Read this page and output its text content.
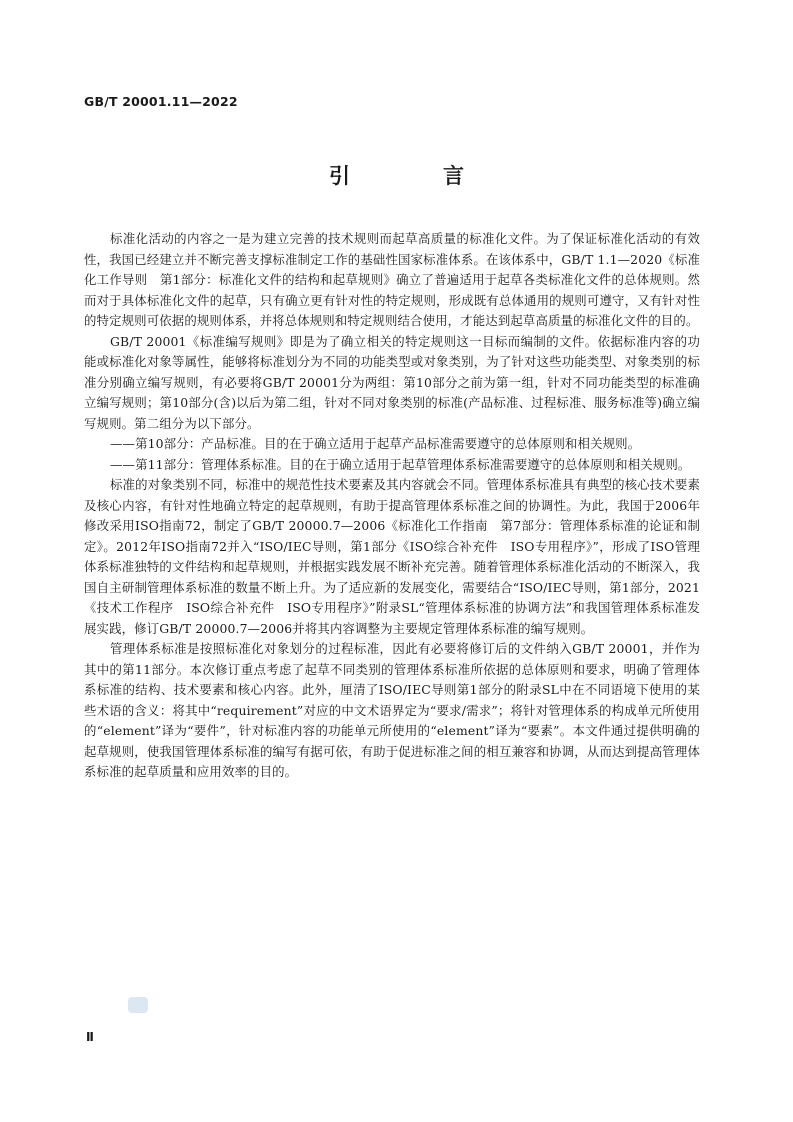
GB/T 20001.11—2022
引　言

标准化活动的内容之一是为建立完善的技术规则而起草高质量的标准化文件。为了保证标准化活动的有效性，我国已经建立并不断完善支撑标准制定工作的基础性国家标准体系。在该体系中，GB/T 1.1—2020《标准化工作导则　第1部分：标准化文件的结构和起草规则》确立了普遍适用于起草各类标准化文件的总体规则。然而对于具体标准化文件的起草，只有确立更有针对性的特定规则，形成既有总体通用的规则可遵守，又有针对性的特定规则可依据的规则体系，并将总体规则和特定规则结合使用，才能达到起草高质量的标准化文件的目的。

GB/T 20001《标准编写规则》即是为了确立相关的特定规则这一目标而编制的文件。依据标准内容的功能或标准化对象等属性，能够将标准划分为不同的功能类型或对象类别，为了针对这些功能类型、对象类别的标准分别确立编写规则，有必要将GB/T 20001分为两组：第10部分之前为第一组，针对不同功能类型的标准确立编写规则；第10部分(含)以后为第二组，针对不同对象类别的标准(产品标准、过程标准、服务标准等)确立编写规则。第二组分为以下部分。

——第10部分：产品标准。目的在于确立适用于起草产品标准需要遵守的总体原则和相关规则。

——第11部分：管理体系标准。目的在于确立适用于起草管理体系标准需要遵守的总体原则和相关规则。

标准的对象类别不同，标准中的规范性技术要素及其内容就会不同。管理体系标准具有典型的核心技术要素及核心内容，有针对性地确立特定的起草规则，有助于提高管理体系标准之间的协调性。为此，我国于2006年修改采用ISO指南72，制定了GB/T 20000.7—2006《标准化工作指南　第7部分：管理体系标准的论证和制定》。2012年ISO指南72并入“ISO/IEC导则，第1部分《ISO综合补充件　ISO专用程序》”，形成了ISO管理体系标准独特的文件结构和起草规则，并根据实践发展不断补充完善。随着管理体系标准化活动的不断深入，我国自主研制管理体系标准的数量不断上升。为了适应新的发展变化，需要结合“ISO/IEC导则，第1部分，2021《技术工作程序　ISO综合补充件　ISO专用程序》”附录SL“管理体系标准的协调方法”和我国管理体系标准发展实践，修订GB/T 20000.7—2006并将其内容调整为主要规定管理体系标准的编写规则。

管理体系标准是按照标准化对象划分的过程标准，因此有必要将修订后的文件纳入GB/T 20001，并作为其中的第11部分。本次修订重点考虑了起草不同类别的管理体系标准所依据的总体原则和要求，明确了管理体系标准的结构、技术要素和核心内容。此外，厘清了ISO/IEC导则第1部分的附录SL中在不同语境下使用的某些术语的含义：将其中“requirement”对应的中文术语界定为“要求/需求”；将针对管理体系的构成单元所使用的“element”译为“要件”，针对标准内容的功能单元所使用的“element”译为“要素”。本文件通过提供明确的起草规则，使我国管理体系标准的编写有据可依，有助于促进标准之间的相互兼容和协调，从而达到提高管理体系标准的起草质量和应用效率的目的。

Ⅱ
